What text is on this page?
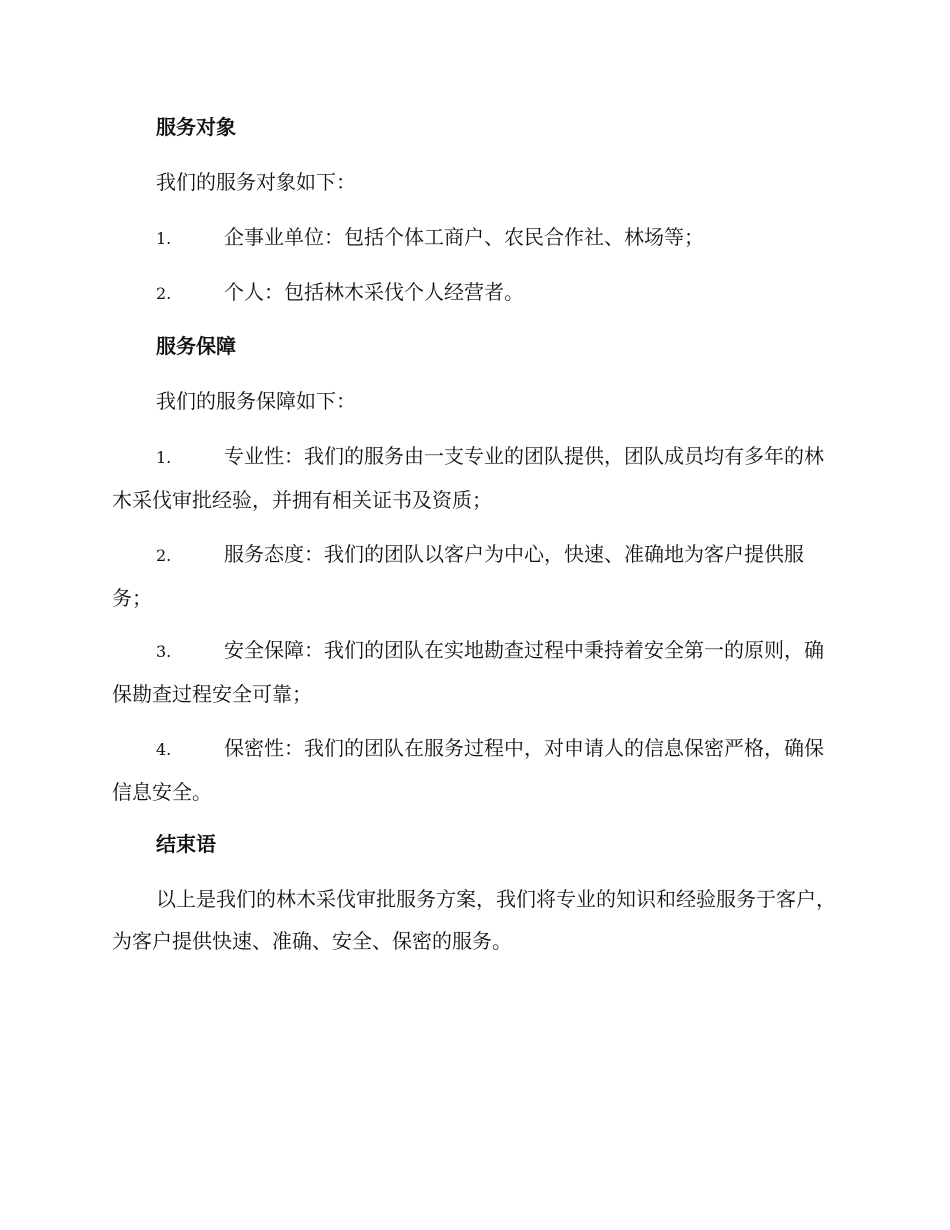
服务对象

我们的服务对象如下：

1.	企事业单位：包括个体工商户、农民合作社、林场等；

2.	个人：包括林木采伐个人经营者。

服务保障

我们的服务保障如下：

1.	专业性：我们的服务由一支专业的团队提供，团队成员均有多年的林木采伐审批经验，并拥有相关证书及资质；

2.	服务态度：我们的团队以客户为中心，快速、准确地为客户提供服务；

3.	安全保障：我们的团队在实地勘查过程中秉持着安全第一的原则，确保勘查过程安全可靠；

4.	保密性：我们的团队在服务过程中，对申请人的信息保密严格，确保信息安全。

结束语

以上是我们的林木采伐审批服务方案，我们将专业的知识和经验服务于客户，为客户提供快速、准确、安全、保密的服务。
